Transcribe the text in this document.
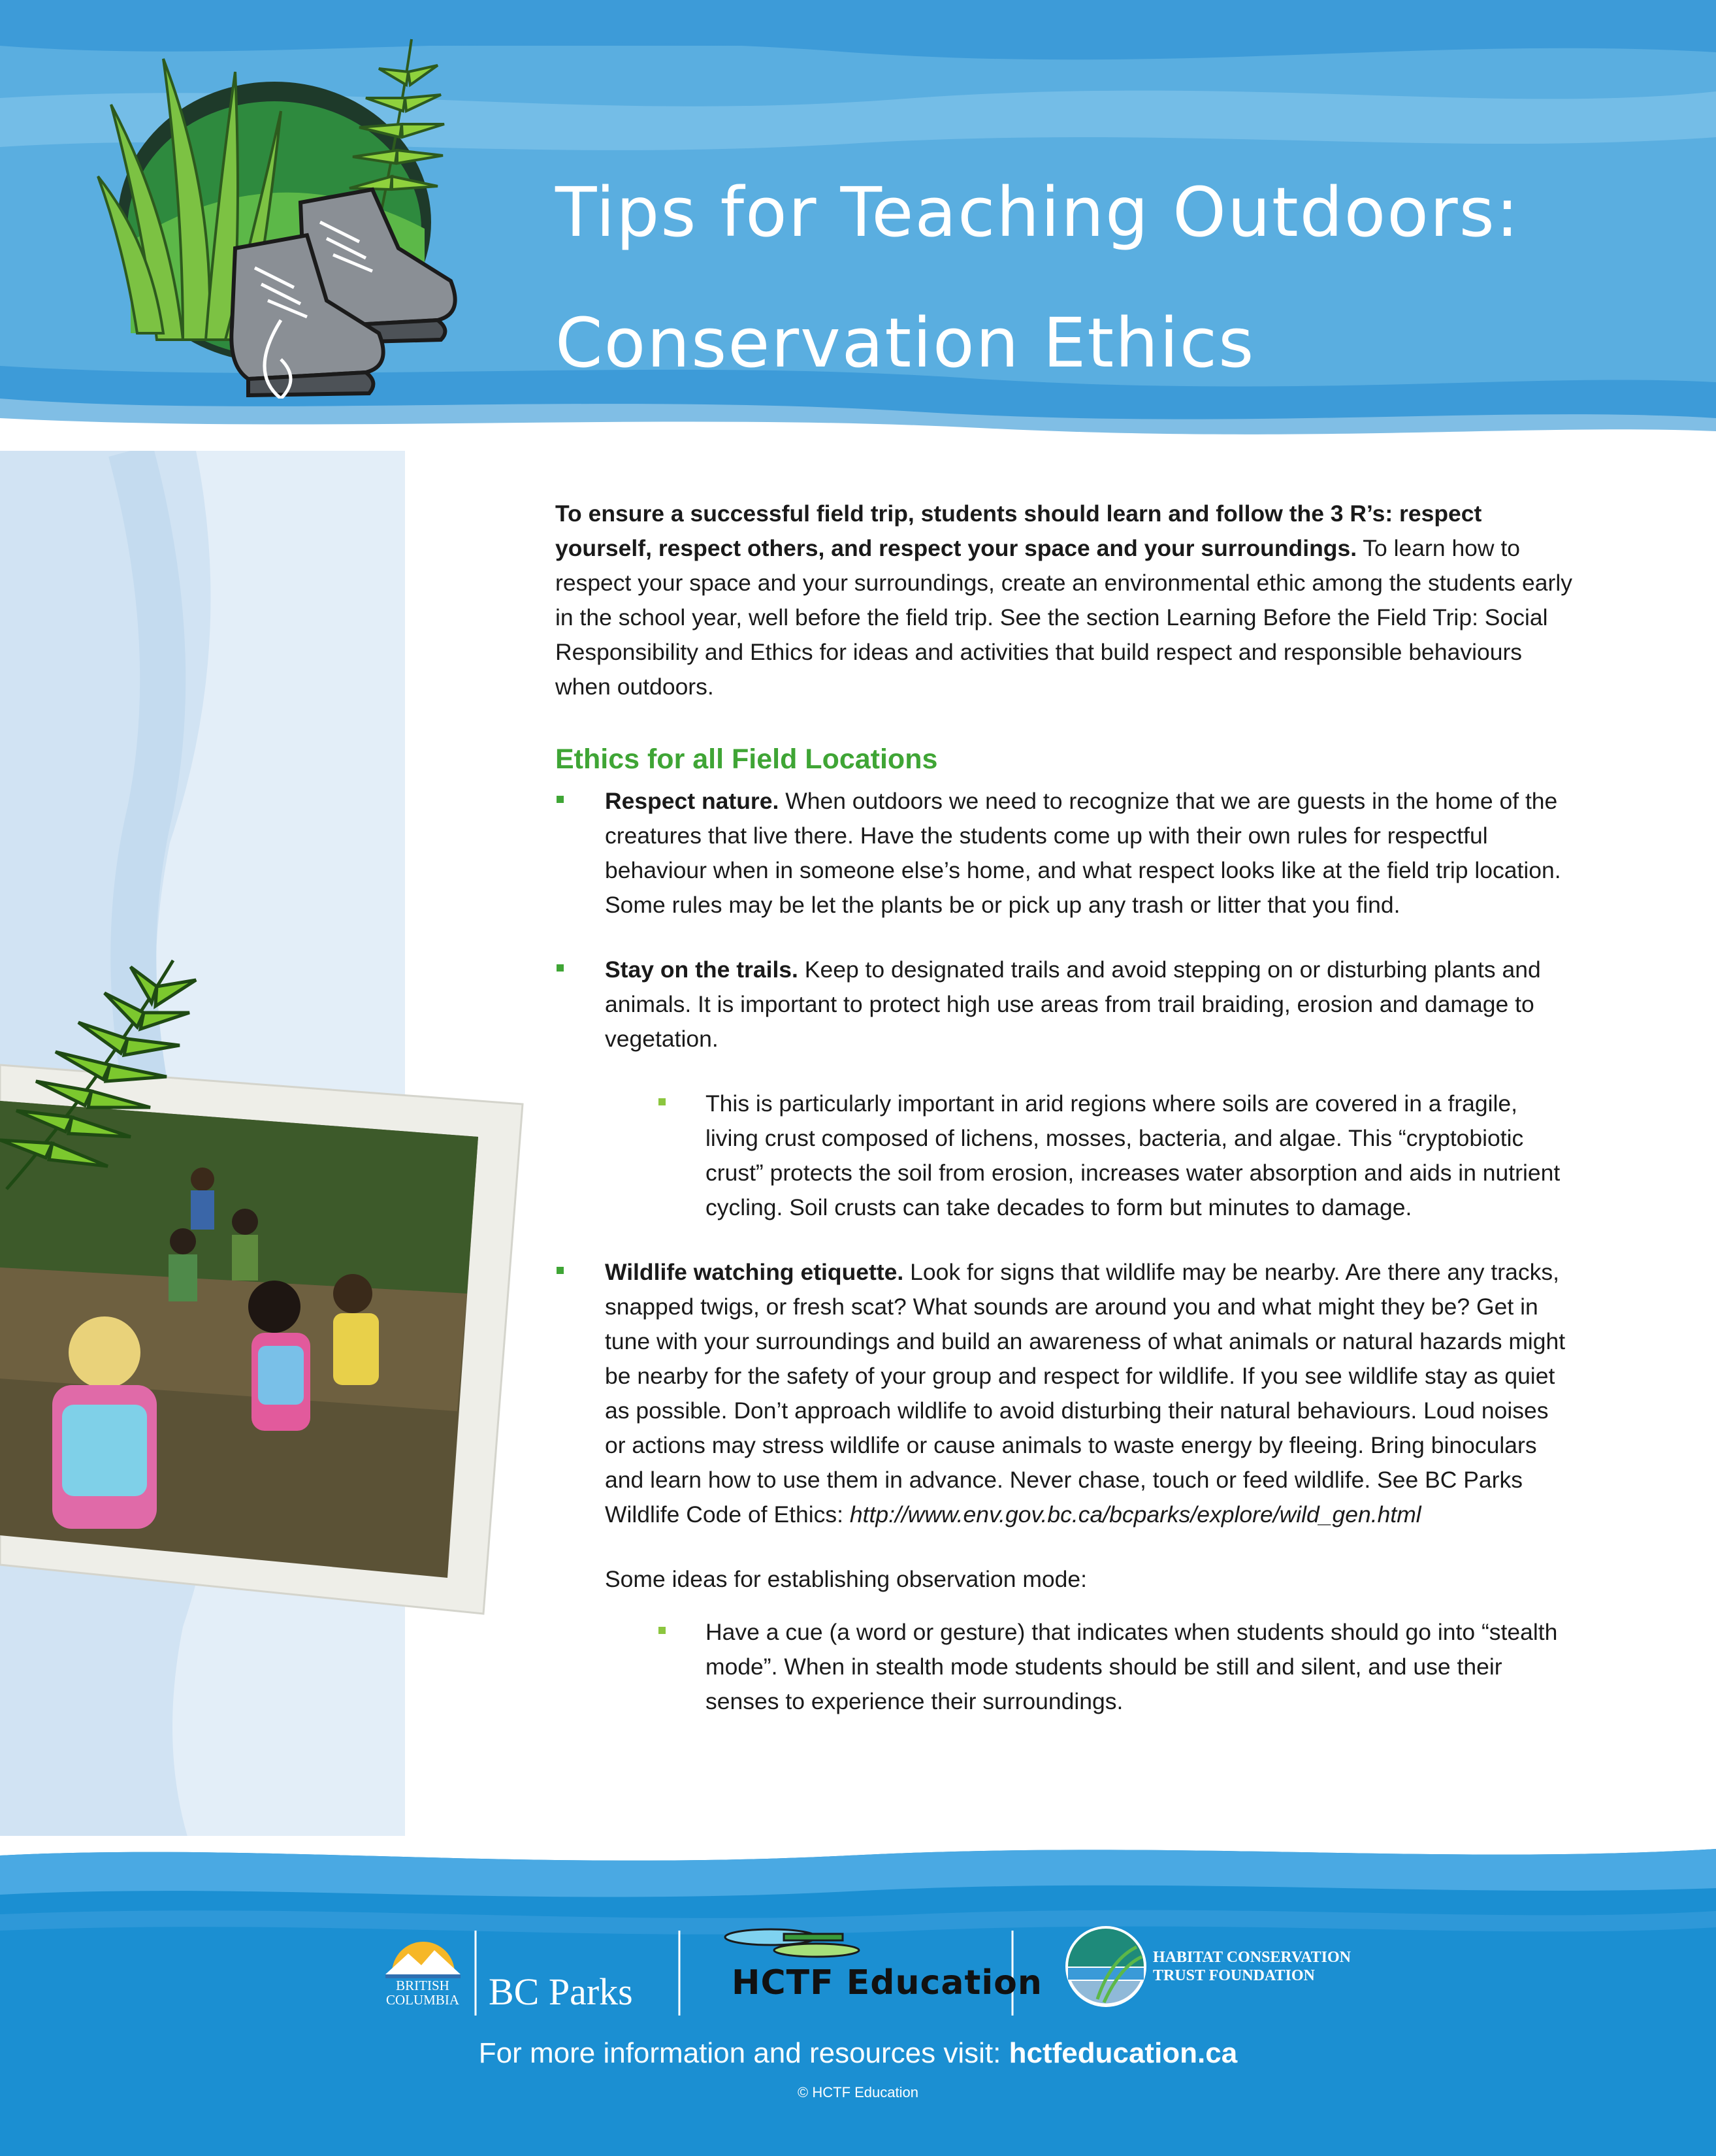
Tips for Teaching Outdoors:
Conservation Ethics

To ensure a successful field trip, students should learn and follow the 3 R’s: respect yourself, respect others, and respect your space and your surroundings. To learn how to respect your space and your surroundings, create an environmental ethic among the students early in the school year, well before the field trip. See the section Learning Before the Field Trip: Social Responsibility and Ethics for ideas and activities that build respect and responsible behaviours when outdoors.

Ethics for all Field Locations
Respect nature. When outdoors we need to recognize that we are guests in the home of the creatures that live there. Have the students come up with their own rules for respectful behaviour when in someone else’s home, and what respect looks like at the field trip location. Some rules may be let the plants be or pick up any trash or litter that you find.
Stay on the trails. Keep to designated trails and avoid stepping on or disturbing plants and animals. It is important to protect high use areas from trail braiding, erosion and damage to vegetation.
This is particularly important in arid regions where soils are covered in a fragile, living crust composed of lichens, mosses, bacteria, and algae. This “cryptobiotic crust” protects the soil from erosion, increases water absorption and aids in nutrient cycling. Soil crusts can take decades to form but minutes to damage.
Wildlife watching etiquette. Look for signs that wildlife may be nearby. Are there any tracks, snapped twigs, or fresh scat? What sounds are around you and what might they be? Get in tune with your surroundings and build an awareness of what animals or natural hazards might be nearby for the safety of your group and respect for wildlife. If you see wildlife stay as quiet as possible. Don’t approach wildlife to avoid disturbing their natural behaviours. Loud noises or actions may stress wildlife or cause animals to waste energy by fleeing. Bring binoculars and learn how to use them in advance. Never chase, touch or feed wildlife. See BC Parks Wildlife Code of Ethics: http://www.env.gov.bc.ca/bcparks/explore/wild_gen.html
Some ideas for establishing observation mode:
Have a cue (a word or gesture) that indicates when students should go into “stealth mode”. When in stealth mode students should be still and silent, and use their senses to experience their surroundings.
BRITISH COLUMBIA BC Parks	HCTF Education
HABITAT CONSERVATION
TRUST FOUNDATION
For more information and resources visit: hctfeducation.ca
© HCTF Education
